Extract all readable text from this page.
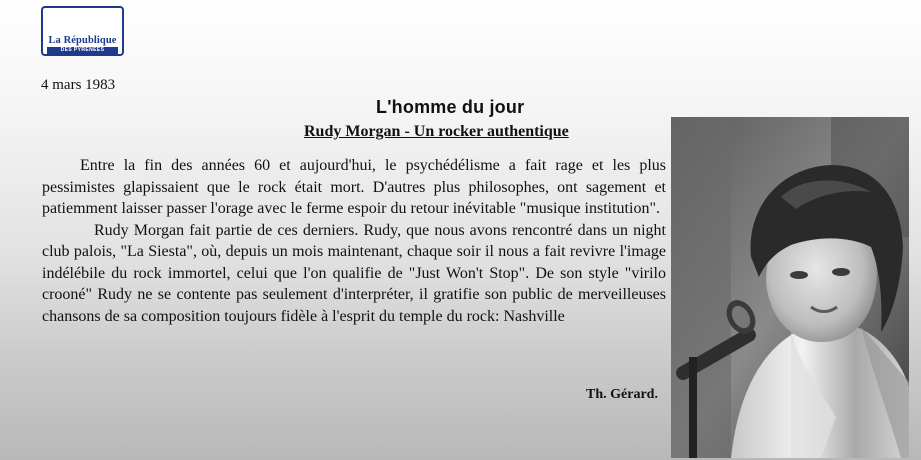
La République
DES PYRÉNÉES
4 mars 1983
L'homme du jour
Rudy Morgan - Un rocker authentique

Entre la fin des années 60 et aujourd'hui, le psychédélisme a fait rage et les plus pessimistes glapissaient que le rock était mort. D'autres plus philosophes, ont sagement et patiemment laisser passer l'orage avec le ferme espoir du retour inévitable "musique institution".

Rudy Morgan fait partie de ces derniers. Rudy, que nous avons rencontré dans un night club palois, "La Siesta", où, depuis un mois maintenant, chaque soir il nous a fait revivre l'image indélébile du rock immortel, celui que l'on qualifie de "Just Won't Stop". De son style "virilo crooné" Rudy ne se contente pas seulement d'interpréter, il gratifie son public de merveilleuses chansons de sa composition toujours fidèle à l'esprit du temple du rock: Nashville

Th. Gérard.
